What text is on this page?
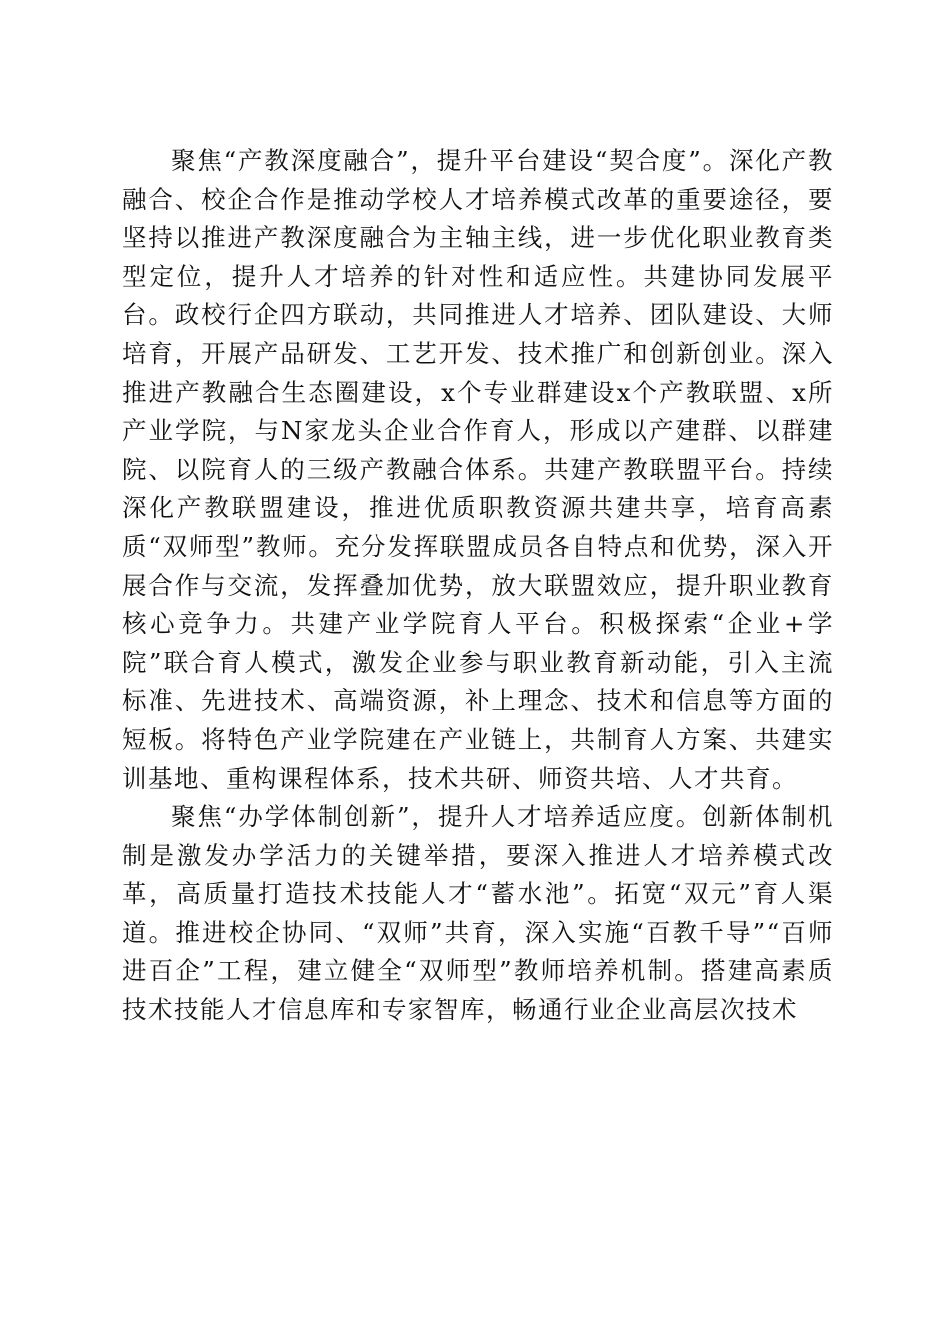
聚焦“产教深度融合”，提升平台建设“契合度”。深化产教融合、校企合作是推动学校人才培养模式改革的重要途径，要坚持以推进产教深度融合为主轴主线，进一步优化职业教育类型定位，提升人才培养的针对性和适应性。共建协同发展平台。政校行企四方联动，共同推进人才培养、团队建设、大师培育，开展产品研发、工艺开发、技术推广和创新创业。深入推进产教融合生态圈建设，x个专业群建设x个产教联盟、x所产业学院，与N家龙头企业合作育人，形成以产建群、以群建院、以院育人的三级产教融合体系。共建产教联盟平台。持续深化产教联盟建设，推进优质职教资源共建共享，培育高素质“双师型”教师。充分发挥联盟成员各自特点和优势，深入开展合作与交流，发挥叠加优势，放大联盟效应，提升职业教育核心竞争力。共建产业学院育人平台。积极探索“企业+学院”联合育人模式，激发企业参与职业教育新动能，引入主流标准、先进技术、高端资源，补上理念、技术和信息等方面的短板。将特色产业学院建在产业链上，共制育人方案、共建实训基地、重构课程体系，技术共研、师资共培、人才共育。

聚焦“办学体制创新”，提升人才培养适应度。创新体制机制是激发办学活力的关键举措，要深入推进人才培养模式改革，高质量打造技术技能人才“蓄水池”。拓宽“双元”育人渠道。推进校企协同、“双师”共育，深入实施“百教千导”“百师进百企”工程，建立健全“双师型”教师培养机制。搭建高素质技术技能人才信息库和专家智库，畅通行业企业高层次技术
